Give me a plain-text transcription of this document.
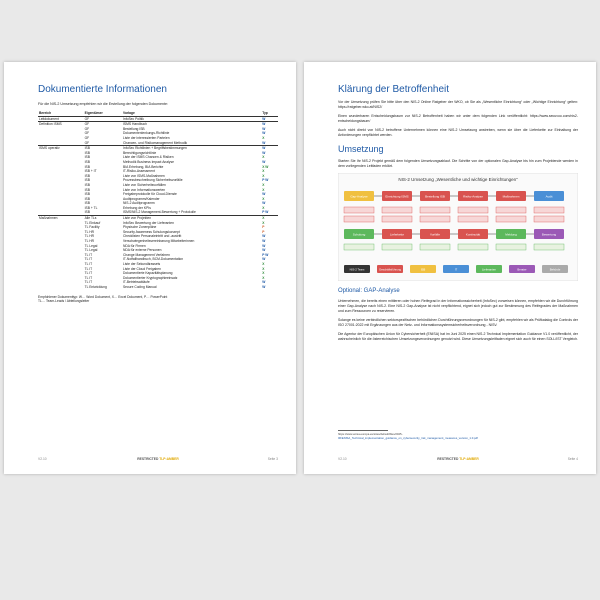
Dokumentierte Informationen
Für die NIS-2 Umsetzung empfehlen wir die Erstellung der folgenden Dokumente:
Bereich	Eigentümer	Vorlage	Typ
Leitdokument	GF	InfoSec Politik	W
Definition ISMS	GF	ISMS Handbuch	W
	GF	Bestellung ISB	W
	GF	Dokumentenlenkungs-Richtlinie	W
	GF	Liste der interessierten Parteien	X
	GF	Chancen- und Risikomanagement Methodik	W
ISMS operativ	ISB	InfoSec Richtlinien + Begriffsbestimmungen	W
	ISB	Berechtigungsrichtlinie	W
	ISB	Liste der ISMS Chancen & Risiken	X
	ISB	Methodik Business Impact Analyse	W
	ISB	BIA Erhebung, BIA Berichte	X W
	ISB + IT	IT-Risiko-Assessment	X
	ISB	Liste von ISMS-Maßnahmen	X
	ISB	Prozessbeschreibung Sicherheitsvorfälle	P W
	ISB	Liste von Sicherheitsvorfällen	X
	ISB	Liste von Informationswerten	X
	ISB	Freigabeprotokolle für Cloud-Dienste	W
	ISB	Auditprogramm/Kalender	X
	ISB	NIS-2 Auditprogramm	W
	ISB + TL	Erhebung der KPIs	X
	ISB	ISMS/NIS-2 Management-Bewertung + Protokolle	P W
Maßnahmen	Alle TLs	Liste von Projekten	X
	TL Einkauf	InfoSec Bewertung der Lieferanten	X
	TL Facility	Physische Zonenpläne	P
	TL HR	Security Awareness Schulungskonzept	P
	TL HR	Checklisten Personaleintritt und -austritt	W
	TL HR	Verschwiegenheitsvereinbarung Mitarbeiterinnen	W
	TL Legal	NDA für Firmen	W
	TL Legal	NDA für externe Personen	W
	TL IT	Change Management Verfahren	P W
	TL IT	IT-Notfallhandbuch, BCM-Dokumentation	W
	TL IT	Liste der Sekundärassets	X
	TL IT	Liste der Cloud Freigaben	X
	TL IT	Dokumentierte Kapazitätsplanung	X
	TL IT	Dokumentierter Kryptographieeinsatz	X
	TL IT	IT-Betriebsabläufe	W
	TL Entwicklung	Secure Coding Manual	W
Empfohlener Dokumenttyp: W… Word Dokument, X… Excel Dokument, P… PowerPoint
TL… Team-Leads / Abteilungsleiter
V2.10	RESTRICTED TLP:AMBER	Seite 3
Klärung der Betroffenheit
Vor der Umsetzung prüfen Sie bitte über den NIS-2 Online Ratgeber der WKO, ob Sie als „Wesentliche Einrichtung“ oder „Wichtige Einrichtung“ gelten: https://ratgeber.wko.at/NIS2/
Einen wunderbaren Entscheidungsbaum zur NIS-2 Betroffenheit haben wir unter dem folgenden Link veröffentlicht: https://www.secuvoo.com/nis2-entscheidungsbaum/
Auch nicht direkt von NIS-2 betroffene Unternehmen können eine NIS-2 Umsetzung anstreben, wenn sie über die Lieferkette zur Einhaltung der Anforderungen verpflichtet werden.
Umsetzung
Starten Sie Ihr NIS-2 Projekt gemäß dem folgenden Umsetzungsablauf. Die Schritte von der optionalen Gap-Analyse bis hin zum Projektende werden in dem vorliegenden Leitfaden erklärt.
NIS-2 Umsetzung „Wesentliche und wichtige Einrichtungen“
Gap-Analyse	Einrichtung ISMS	Bestellung ISB	Risiko-Analyse	Maßnahmen	Audit
Schulung	Lieferkette	Vorfälle	Kontinuität	Meldung	Bewertung
NIS-2 Team	Geschäftsführung	ISB	IT	Lieferanten	Berater	Behörde
Optional: GAP-Analyse
Unternehmen, die bereits einen mittleren oder hohen Reifegrad in der Informationssicherheit (InfoSec) vorweisen können, empfehlen wir die Durchführung einer Gap-Analyse nach NIS-2. Eine NIS-2 Gap-Analyse ist nicht verpflichtend, eignet sich jedoch gut zur Bestimmung des Reifegrades der Maßnahmen und zum Ressourcen zu reservieren.
Solange es keine verbindlichen sektorspezifischen behördlichen Durchführungsverordnungen für NIS-2 gibt, empfehlen wir als Prüfkatalog die Controls der ISO 27001:2022 mit Ergänzungen aus der Netz- und Informationssystemsicherheitsverordnung - NISV.
Die Agentur der Europäischen Union für Cybersicherheit (ENISA) hat im Juni 2025 einen NIS-2 Technical Implementation Guidance V1.0 veröffentlicht, der wahrscheinlich für die österreichischen Umsetzungsverordnungen genutzt wird. Diese Umsetzungsleitfaden eignet sich auch für einen SOLL/IST Vergleich.
https://www.enisa.europa.eu/sites/default/files/2025-
06/ENISA_Technical_implementation_guidance_on_cybersecurity_risk_management_measures_version_1.0.pdf
V2.10	RESTRICTED TLP:AMBER	Seite 4
